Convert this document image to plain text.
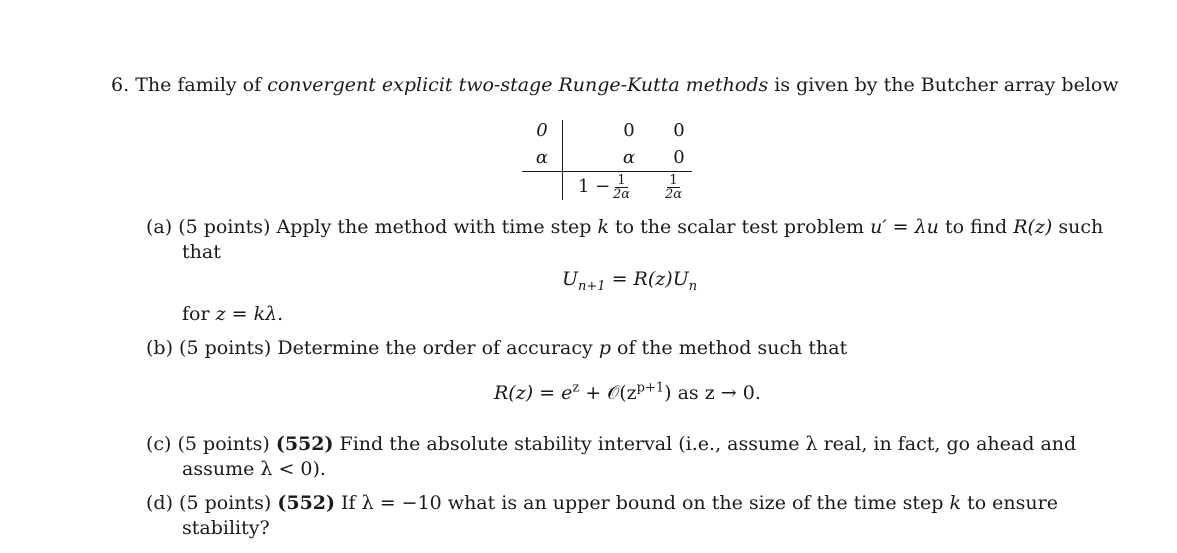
6. The family of convergent explicit two-stage Runge-Kutta methods is given by the Butcher array below
0
α
0	0
α	0
$1 - \frac{1}{2\alpha} \frac{1}{2\alpha}$
(a) (5 points) Apply the method with time step k to the scalar test problem u′ = λu to find R(z) such
that
$U_{n+1} = R(z)U_n$
for z = kλ.
(b) (5 points) Determine the order of accuracy p of the method such that
$R(z) = e^z$ + $𝒪(z^{p+1})$ as z → 0.
(c) (5 points) (552) Find the absolute stability interval (i.e., assume λ real, in fact, go ahead and
assume λ < 0).
(d) (5 points) (552) If λ = −10 what is an upper bound on the size of the time step k to ensure
stability?
